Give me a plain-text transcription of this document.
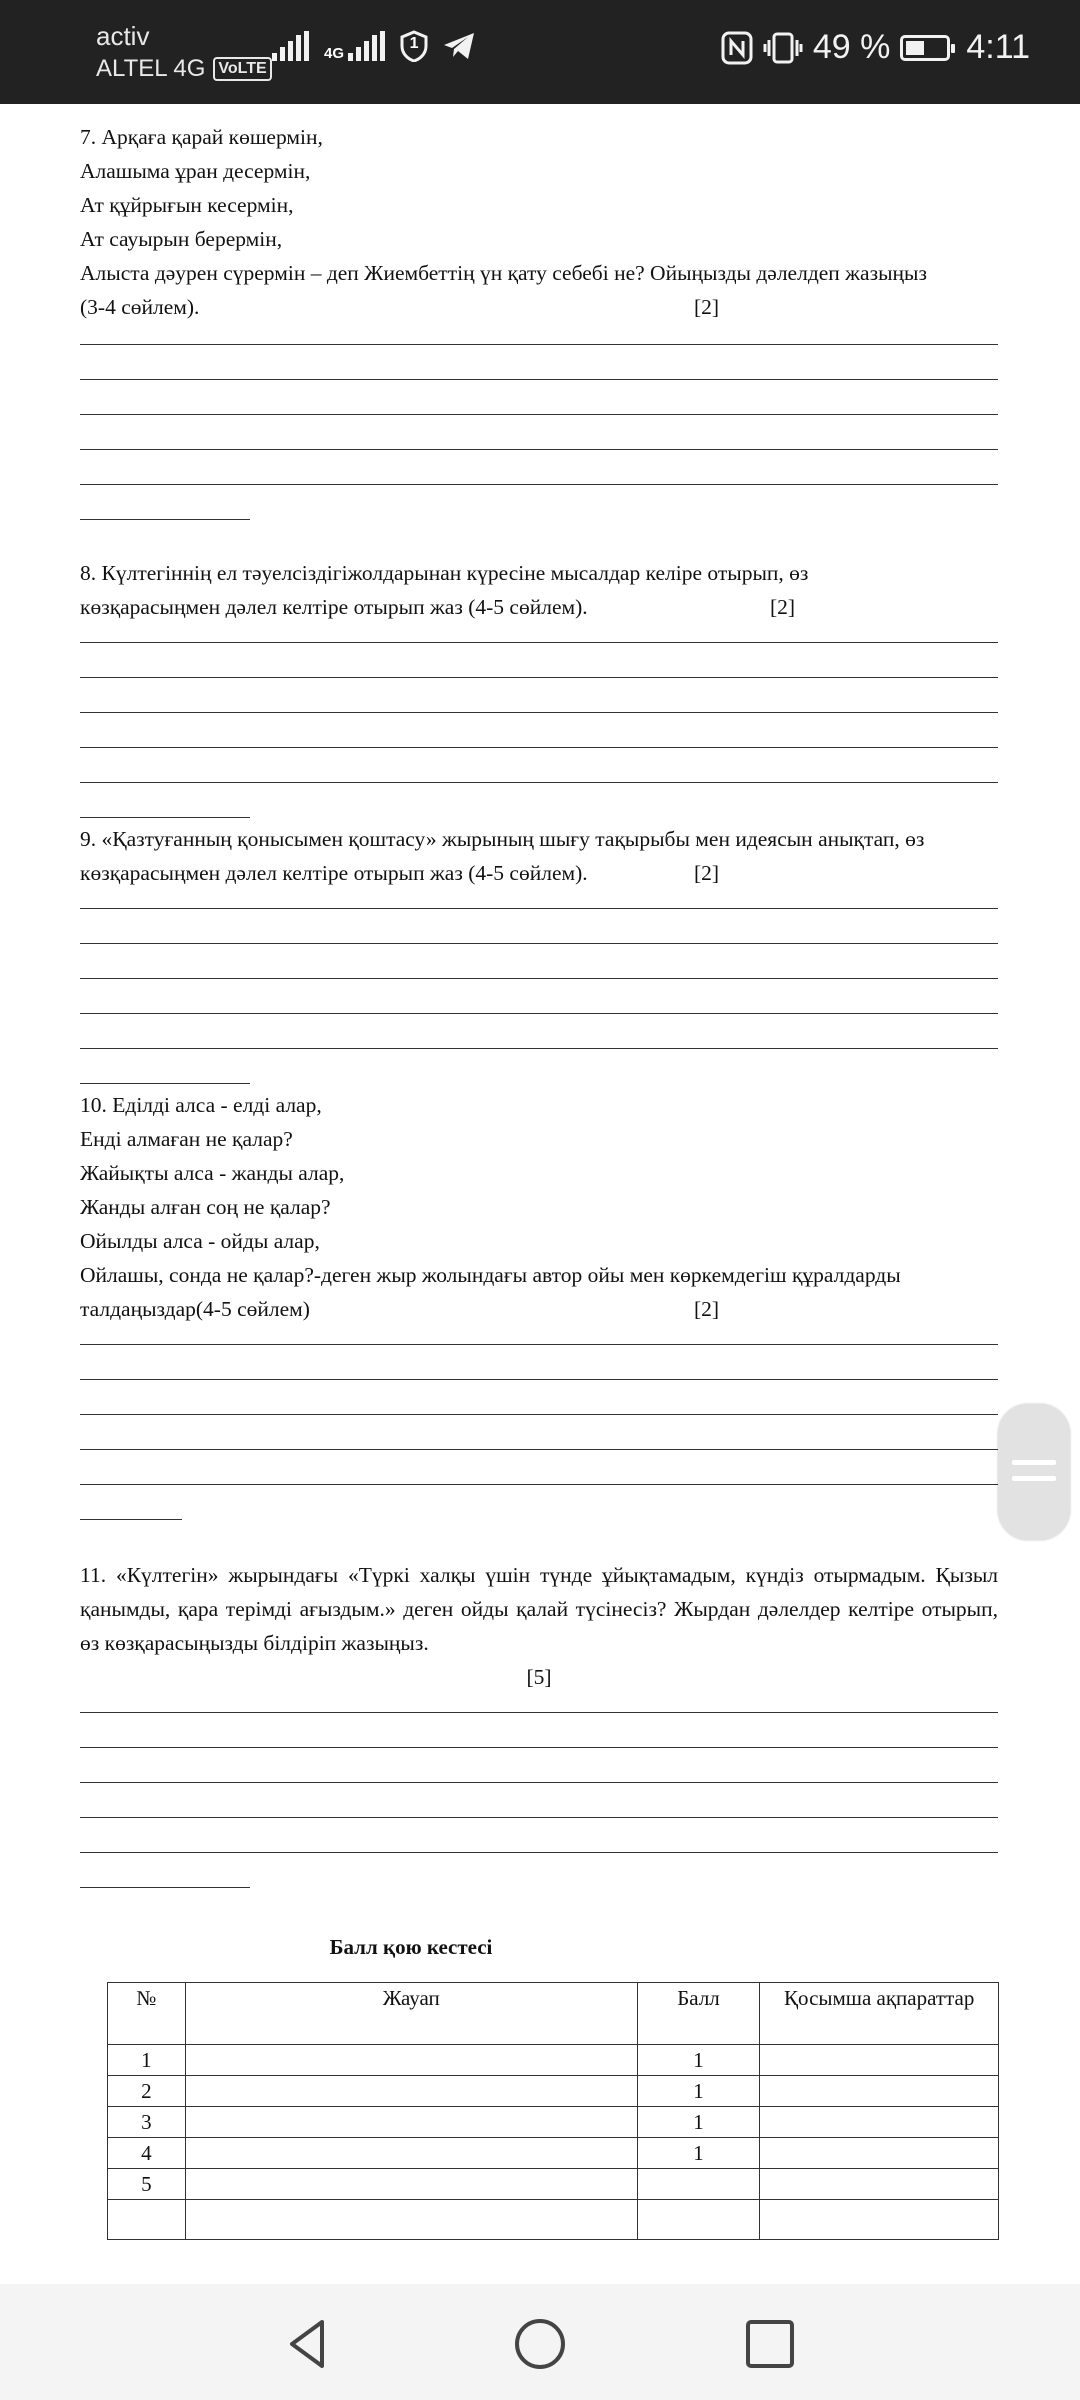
activ
ALTEL 4G VoLTE
4G
1	49 % 4:11

7. Арқаға қарай көшермін,

Алашыма ұран десермін,

Ат құйрығын кесермін,

Ат сауырын берермін,

Алыста дәурен сүрермін – деп Жиембеттің үн қату себебі не? Ойыңызды дәлелдеп жазыңыз

(3-4 сөйлем).	[2]

8. Күлтегіннің ел тәуелсіздігіжолдарынан күресіне мысалдар келіре отырып, өз

көзқарасыңмен дәлел келтіре отырып жаз (4-5 сөйлем).	[2]

9. «Қазтуғанның қонысымен қоштасу» жырының шығу тақырыбы мен идеясын анықтап, өз

көзқарасыңмен дәлел келтіре отырып жаз (4-5 сөйлем).	[2]

10. Еділді алса - елді алар,

Енді алмаған не қалар?

Жайықты алса - жанды алар,

Жанды алған соң не қалар?

Ойылды алса - ойды алар,

Ойлашы, сонда не қалар?-деген жыр жолындағы автор ойы мен көркемдегіш құралдарды

талдаңыздар(4-5 сөйлем)	[2]

11. «Күлтегін» жырындағы «Түркі халқы үшін түнде ұйықтамадым, күндіз отырмадым. Қызыл қанымды, қара терімді ағыздым.» деген ойды қалай түсінесіз? Жырдан дәлелдер келтіре отырып, өз көзқарасыңызды білдіріп жазыңыз.

[5]

Балл қою кестесі

№	Жауап	Балл	Қосымша ақпараттар
1		1	
2		1	
3		1	
4		1	
5			
